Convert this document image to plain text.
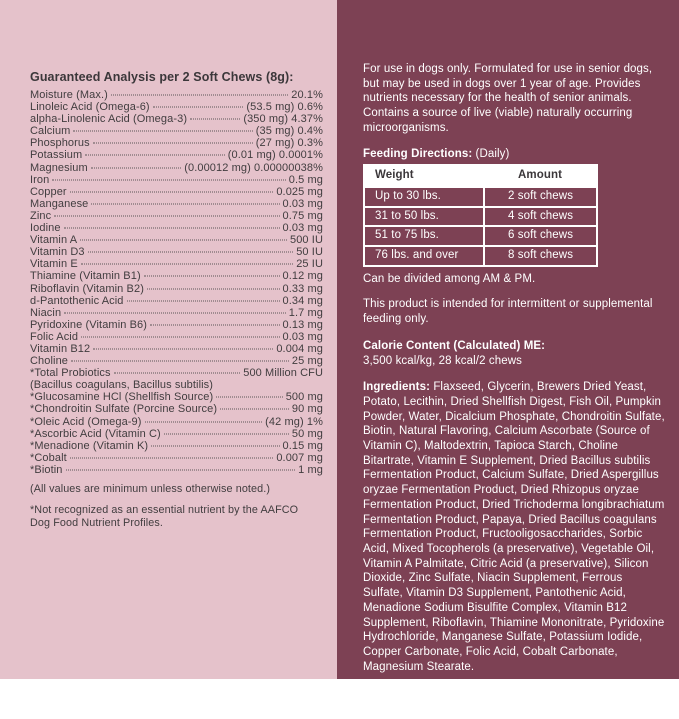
Guaranteed Analysis per 2 Soft Chews (8g):
Moisture (Max.)	20.1%
Linoleic Acid (Omega-6)	(53.5 mg) 0.6%
alpha-Linolenic Acid (Omega-3)	(350 mg) 4.37%
Calcium	(35 mg) 0.4%
Phosphorus	(27 mg) 0.3%
Potassium	(0.01 mg) 0.0001%
Magnesium	(0.00012 mg) 0.00000038%
Iron	0.5 mg
Copper	0.025 mg
Manganese	0.03 mg
Zinc	0.75 mg
Iodine	0.03 mg
Vitamin A	500 IU
Vitamin D3	50 IU
Vitamin E	25 IU
Thiamine (Vitamin B1)	0.12 mg
Riboflavin (Vitamin B2)	0.33 mg
d-Pantothenic Acid	0.34 mg
Niacin	1.7 mg
Pyridoxine (Vitamin B6)	0.13 mg
Folic Acid	0.03 mg
Vitamin B12	0.004 mg
Choline	25 mg
*Total Probiotics	500 Million CFU
(Bacillus coagulans, Bacillus subtilis)
*Glucosamine HCl (Shellfish Source)	500 mg
*Chondroitin Sulfate (Porcine Source)	90 mg
*Oleic Acid (Omega-9)	(42 mg) 1%
*Ascorbic Acid (Vitamin C)	50 mg
*Menadione (Vitamin K)	0.15 mg
*Cobalt	0.007 mg
*Biotin	1 mg

(All values are minimum unless otherwise noted.)

*Not recognized as an essential nutrient by the AAFCO Dog Food Nutrient Profiles.

For use in dogs only. Formulated for use in senior dogs, but may be used in dogs over 1 year of age. Provides nutrients necessary for the health of senior animals. Contains a source of live (viable) naturally occurring microorganisms.

Feeding Directions: (Daily)

Weight	Amount
Up to 30 lbs.	2 soft chews
31 to 50 lbs.	4 soft chews
51 to 75 lbs.	6 soft chews
76 lbs. and over	8 soft chews

Can be divided among AM & PM.

This product is intended for intermittent or supplemental feeding only.

Calorie Content (Calculated) ME:

3,500 kcal/kg, 28 kcal/2 chews

Ingredients: Flaxseed, Glycerin, Brewers Dried Yeast, Potato, Lecithin, Dried Shellfish Digest, Fish Oil, Pumpkin Powder, Water, Dicalcium Phosphate, Chondroitin Sulfate, Biotin, Natural Flavoring, Calcium Ascorbate (Source of Vitamin C), Maltodextrin, Tapioca Starch, Choline Bitartrate, Vitamin E Supplement, Dried Bacillus subtilis Fermentation Product, Calcium Sulfate, Dried Aspergillus oryzae Fermentation Product, Dried Rhizopus oryzae Fermentation Product, Dried Trichoderma longibrachiatum Fermentation Product, Papaya, Dried Bacillus coagulans Fermentation Product, Fructooligosaccharides, Sorbic Acid, Mixed Tocopherols (a preservative), Vegetable Oil, Vitamin A Palmitate, Citric Acid (a preservative), Silicon Dioxide, Zinc Sulfate, Niacin Supplement, Ferrous Sulfate, Vitamin D3 Supplement, Pantothenic Acid, Menadione Sodium Bisulfite Complex, Vitamin B12 Supplement, Riboflavin, Thiamine Mononitrate, Pyridoxine Hydrochloride, Manganese Sulfate, Potassium Iodide, Copper Carbonate, Folic Acid, Cobalt Carbonate, Magnesium Stearate.

Due to the tasty nature of our products, do not leave package unattended around pets.
